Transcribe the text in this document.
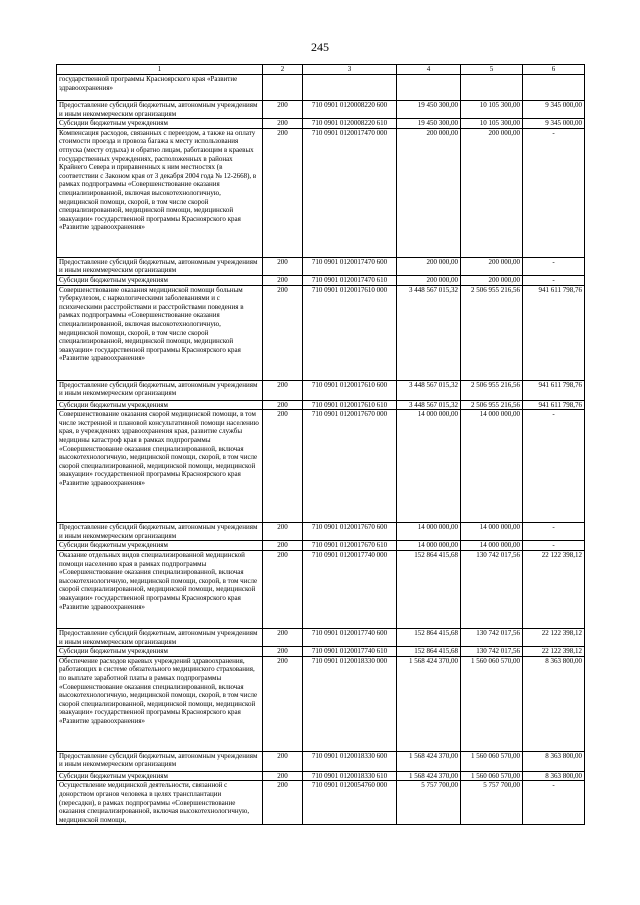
245
1	2	3	4	5	6
государственной программы Красноярского края «Развитие здравоохранения»					
Предоставление субсидий бюджетным, автономным учреждениям и иным некоммерческим организациям	200	710 0901 0120008220 600	19 450 300,00	10 105 300,00	9 345 000,00
Субсидии бюджетным учреждениям	200	710 0901 0120008220 610	19 450 300,00	10 105 300,00	9 345 000,00
Компенсация расходов, связанных с переездом, а также на оплату стоимости проезда и провоза багажа к месту использования отпуска (месту отдыха) и обратно лицам, работающим в краевых государственных учреждениях, расположенных в районах Крайнего Севера и приравненных к ним местностях (в соответствии с Законом края от 3 декабря 2004 года № 12-2668), в рамках подпрограммы «Совершенствование оказания специализированной, включая высокотехнологичную, медицинской помощи, скорой, в том числе скорой специализированной, медицинской помощи, медицинской эвакуации» государственной программы Красноярского края «Развитие здравоохранения»	200	710 0901 0120017470 000	200 000,00	200 000,00	-
Предоставление субсидий бюджетным, автономным учреждениям и иным некоммерческим организациям	200	710 0901 0120017470 600	200 000,00	200 000,00	-
Субсидии бюджетным учреждениям	200	710 0901 0120017470 610	200 000,00	200 000,00	-
Совершенствование оказания медицинской помощи больным туберкулезом, с наркологическими заболеваниями и с психическими расстройствами и расстройствами поведения в рамках подпрограммы «Совершенствование оказания специализированной, включая высокотехнологичную, медицинской помощи, скорой, в том числе скорой специализированной, медицинской помощи, медицинской эвакуации» государственной программы Красноярского края «Развитие здравоохранения»	200	710 0901 0120017610 000	3 448 567 015,32	2 506 955 216,56	941 611 798,76
Предоставление субсидий бюджетным, автономным учреждениям и иным некоммерческим организациям	200	710 0901 0120017610 600	3 448 567 015,32	2 506 955 216,56	941 611 798,76
Субсидии бюджетным учреждениям	200	710 0901 0120017610 610	3 448 567 015,32	2 506 955 216,56	941 611 798,76
Совершенствование оказания скорой медицинской помощи, в том числе экстренной и плановой консультативной помощи населению края, в учреждениях здравоохранения края, развитие службы медицины катастроф края в рамках подпрограммы «Совершенствование оказания специализированной, включая высокотехнологичную, медицинской помощи, скорой, в том числе скорой специализированной, медицинской помощи, медицинской эвакуации» государственной программы Красноярского края «Развитие здравоохранения»	200	710 0901 0120017670 000	14 000 000,00	14 000 000,00	-
Предоставление субсидий бюджетным, автономным учреждениям и иным некоммерческим организациям	200	710 0901 0120017670 600	14 000 000,00	14 000 000,00	-
Субсидии бюджетным учреждениям	200	710 0901 0120017670 610	14 000 000,00	14 000 000,00	-
Оказание отдельных видов специализированной медицинской помощи населению края в рамках подпрограммы «Совершенствование оказания специализированной, включая высокотехнологичную, медицинской помощи, скорой, в том числе скорой специализированной, медицинской помощи, медицинской эвакуации» государственной программы Красноярского края «Развитие здравоохранения»	200	710 0901 0120017740 000	152 864 415,68	130 742 017,56	22 122 398,12
Предоставление субсидий бюджетным, автономным учреждениям и иным некоммерческим организациям	200	710 0901 0120017740 600	152 864 415,68	130 742 017,56	22 122 398,12
Субсидии бюджетным учреждениям	200	710 0901 0120017740 610	152 864 415,68	130 742 017,56	22 122 398,12
Обеспечение расходов краевых учреждений здравоохранения, работающих в системе обязательного медицинского страхования, по выплате заработной платы в рамках подпрограммы «Совершенствование оказания специализированной, включая высокотехнологичную, медицинской помощи, скорой, в том числе скорой специализированной, медицинской помощи, медицинской эвакуации» государственной программы Красноярского края «Развитие здравоохранения»	200	710 0901 0120018330 000	1 568 424 370,00	1 560 060 570,00	8 363 800,00
Предоставление субсидий бюджетным, автономным учреждениям и иным некоммерческим организациям	200	710 0901 0120018330 600	1 568 424 370,00	1 560 060 570,00	8 363 800,00
Субсидии бюджетным учреждениям	200	710 0901 0120018330 610	1 568 424 370,00	1 560 060 570,00	8 363 800,00
Осуществление медицинской деятельности, связанной с донорством органов человека в целях трансплантации (пересадки), в рамках подпрограммы «Совершенствование оказания специализированной, включая высокотехнологичную, медицинской помощи,	200	710 0901 0120054760 000	5 757 700,00	5 757 700,00	-
